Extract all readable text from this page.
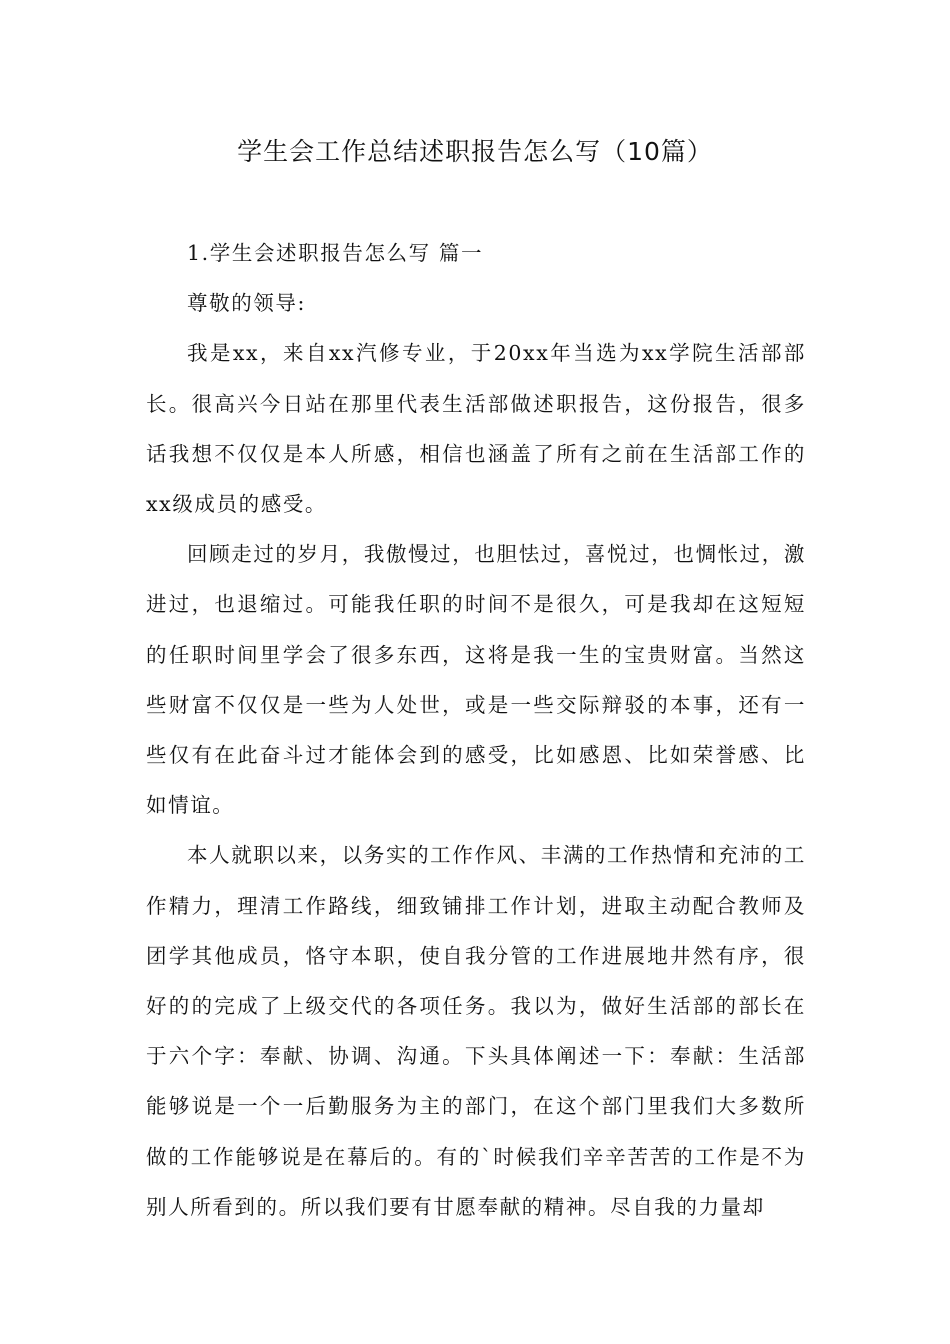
学生会工作总结述职报告怎么写（10篇）

1.学生会述职报告怎么写 篇一

尊敬的领导:

我是xx，来自xx汽修专业，于20xx年当选为xx学院生活部部长。很高兴今日站在那里代表生活部做述职报告，这份报告，很多话我想不仅仅是本人所感，相信也涵盖了所有之前在生活部工作的xx级成员的感受。

回顾走过的岁月，我傲慢过，也胆怯过，喜悦过，也惆怅过，激进过，也退缩过。可能我任职的时间不是很久，可是我却在这短短的任职时间里学会了很多东西，这将是我一生的宝贵财富。当然这些财富不仅仅是一些为人处世，或是一些交际辩驳的本事，还有一些仅有在此奋斗过才能体会到的感受，比如感恩、比如荣誉感、比如情谊。

本人就职以来，以务实的工作作风、丰满的工作热情和充沛的工作精力，理清工作路线，细致铺排工作计划，进取主动配合教师及团学其他成员，恪守本职，使自我分管的工作进展地井然有序，很好的的完成了上级交代的各项任务。我以为，做好生活部的部长在于六个字：奉献、协调、沟通。下头具体阐述一下：奉献：生活部能够说是一个一后勤服务为主的部门，在这个部门里我们大多数所做的工作能够说是在幕后的。有的`时候我们辛辛苦苦的工作是不为别人所看到的。所以我们要有甘愿奉献的精神。尽自我的力量却
